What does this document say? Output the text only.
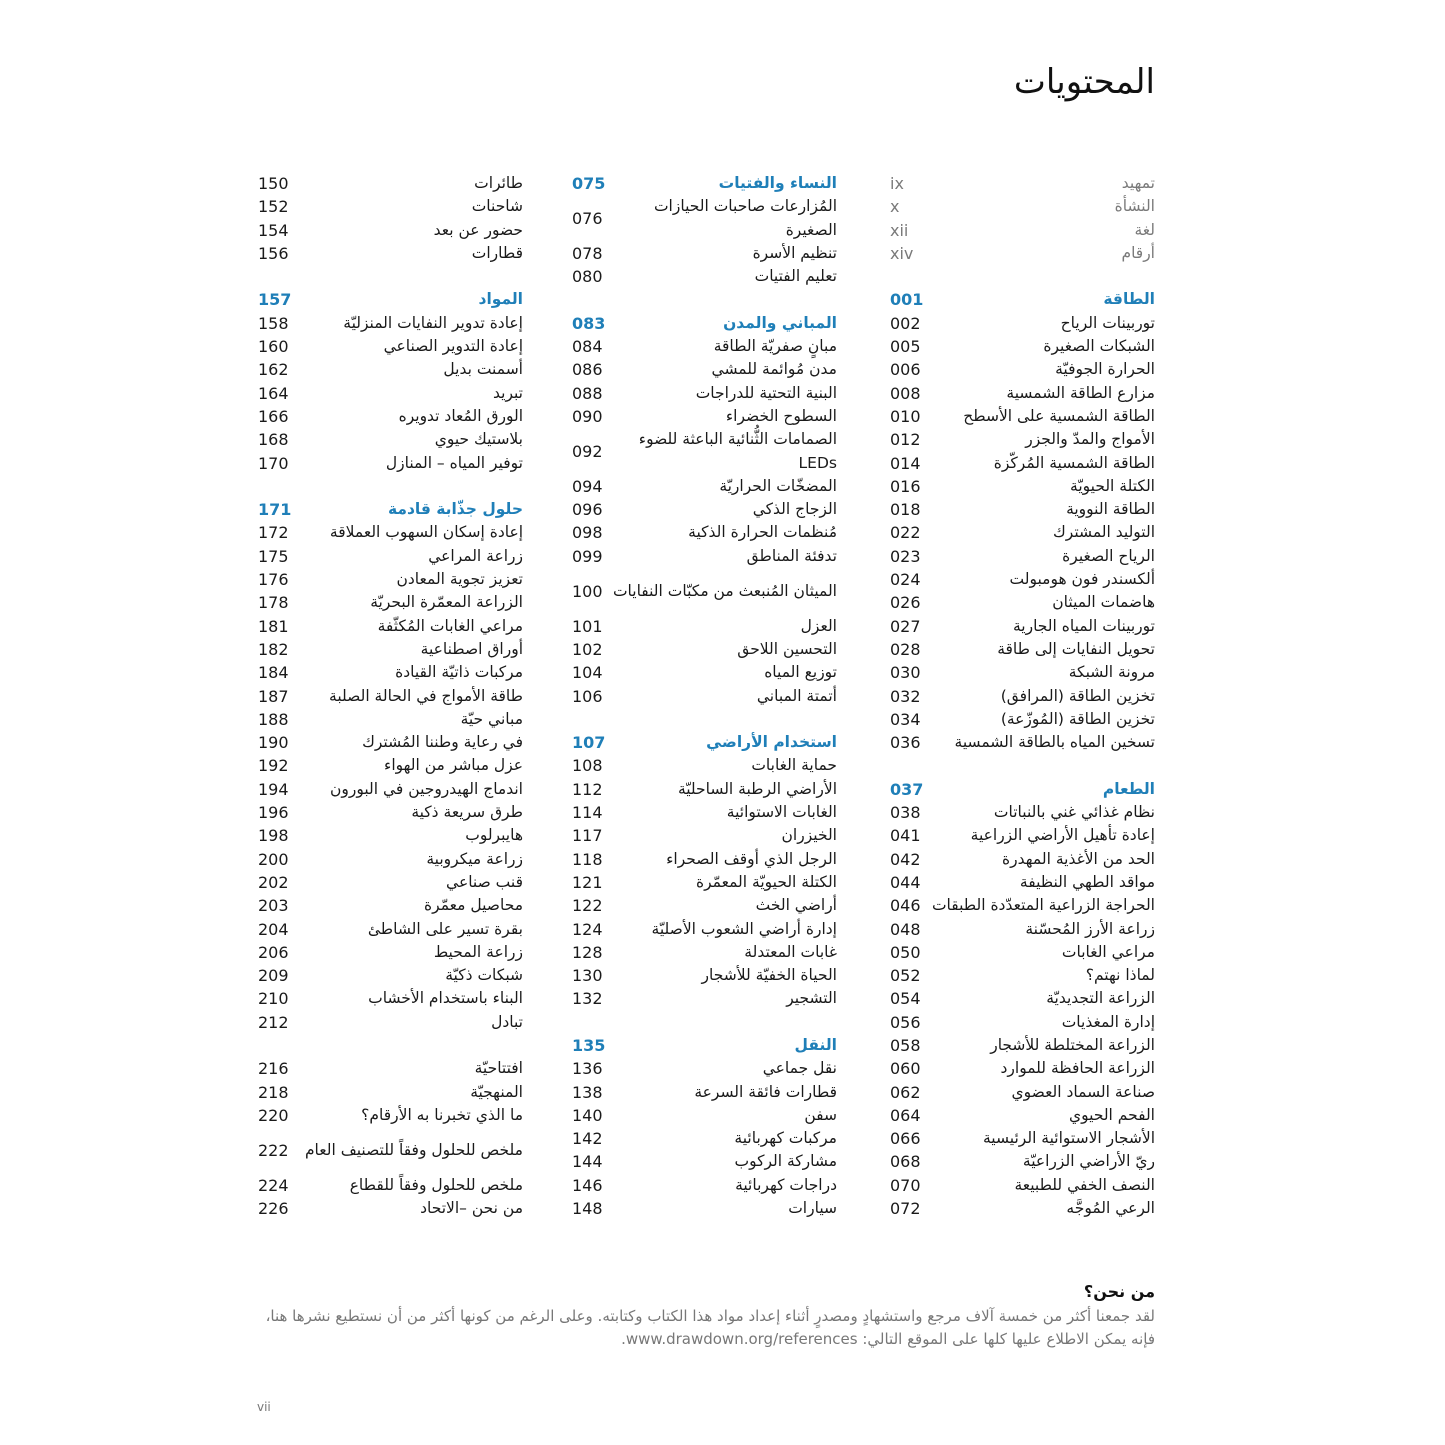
المحتويات
تمهيد
ix
النشأة
x
لغة
xii
أرقام
xiv
الطاقة
001
توربينات الرياح
002
الشبكات الصغيرة
005
الحرارة الجوفيّة
006
مزارع الطاقة الشمسية
008
الطاقة الشمسية على الأسطح
010
الأمواج والمدّ والجزر
012
الطاقة الشمسية المُركّزة
014
الكتلة الحيويّة
016
الطاقة النووية
018
التوليد المشترك
022
الرياح الصغيرة
023
ألكسندر فون هومبولت
024
هاضمات الميثان
026
توربينات المياه الجارية
027
تحويل النفايات إلى طاقة
028
مرونة الشبكة
030
تخزين الطاقة (المرافق)
032
تخزين الطاقة (المُوزّعة)
034
تسخين المياه بالطاقة الشمسية
036
الطعام
037
نظام غذائي غني بالنباتات
038
إعادة تأهيل الأراضي الزراعية
041
الحد من الأغذية المهدرة
042
مواقد الطهي النظيفة
044
الحراجة الزراعية المتعدّدة الطبقات
046
زراعة الأرز المُحسّنة
048
مراعي الغابات
050
لماذا نهتم؟
052
الزراعة التجديديّة
054
إدارة المغذيات
056
الزراعة المختلطة للأشجار
058
الزراعة الحافظة للموارد
060
صناعة السماد العضوي
062
الفحم الحيوي
064
الأشجار الاستوائية الرئيسية
066
ريّ الأراضي الزراعيّة
068
النصف الخفي للطبيعة
070
الرعي المُوجَّه
072
النساء والفتيات
075
المُزارعات صاحبات الحيازات الصغيرة
076
تنظيم الأسرة
078
تعليم الفتيات
080
المباني والمدن
083
مبانٍ صفريّة الطاقة
084
مدن مُوائمة للمشي
086
البنية التحتية للدراجات
088
السطوح الخضراء
090
الصمامات الثُّنائية الباعثة للضوء LEDs
092
المضخّات الحراريّة
094
الزجاج الذكي
096
مُنظمات الحرارة الذكية
098
تدفئة المناطق
099
الميثان المُنبعث من مكبّات النفايات
100
العزل
101
التحسين اللاحق
102
توزيع المياه
104
أتمتة المباني
106
استخدام الأراضي
107
حماية الغابات
108
الأراضي الرطبة الساحليّة
112
الغابات الاستوائية
114
الخيزران
117
الرجل الذي أوقف الصحراء
118
الكتلة الحيويّة المعمّرة
121
أراضي الخث
122
إدارة أراضي الشعوب الأصليّة
124
غابات المعتدلة
128
الحياة الخفيّة للأشجار
130
التشجير
132
النقل
135
نقل جماعي
136
قطارات فائقة السرعة
138
سفن
140
مركبات كهربائية
142
مشاركة الركوب
144
دراجات كهربائية
146
سيارات
148
طائرات
150
شاحنات
152
حضور عن بعد
154
قطارات
156
المواد
157
إعادة تدوير النفايات المنزليّة
158
إعادة التدوير الصناعي
160
أسمنت بديل
162
تبريد
164
الورق المُعاد تدويره
166
بلاستيك حيوي
168
توفير المياه – المنازل
170
حلول جذّابة قادمة
171
إعادة إسكان السهوب العملاقة
172
زراعة المراعي
175
تعزيز تجوية المعادن
176
الزراعة المعمّرة البحريّة
178
مراعي الغابات المُكثّفة
181
أوراق اصطناعية
182
مركبات ذاتيّة القيادة
184
طاقة الأمواج في الحالة الصلبة
187
مباني حيّة
188
في رعاية وطننا المُشترك
190
عزل مباشر من الهواء
192
اندماج الهيدروجين في البورون
194
طرق سريعة ذكية
196
هايبرلوب
198
زراعة ميكروبية
200
قنب صناعي
202
محاصيل معمّرة
203
بقرة تسير على الشاطئ
204
زراعة المحيط
206
شبكات ذكيّة
209
البناء باستخدام الأخشاب
210
تبادل
212
افتتاحيّة
216
المنهجيّة
218
ما الذي تخبرنا به الأرقام؟
220
ملخص للحلول وفقاً للتصنيف العام
222
ملخص للحلول وفقاً للقطاع
224
من نحن –الاتحاد
226

من نحن؟

لقد جمعنا أكثر من خمسة آلاف مرجع واستشهادٍ ومصدرٍ أثناء إعداد مواد هذا الكتاب وكتابته. وعلى الرغم من كونها أكثر من أن نستطيع نشرها هنا، فإنه يمكن الاطلاع عليها كلها على الموقع التالي: www.drawdown.org/references.

vii
